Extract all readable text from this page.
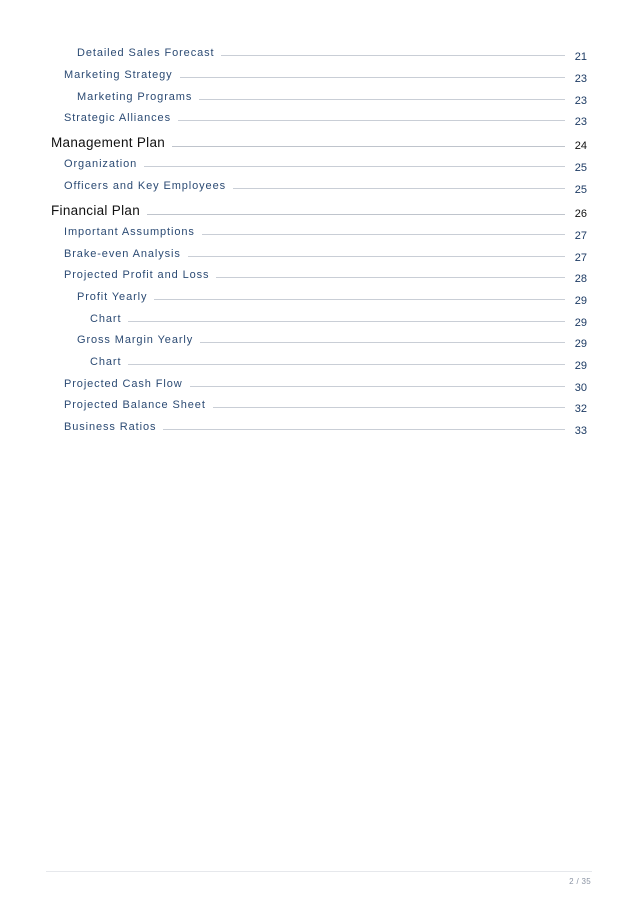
Detailed Sales Forecast	21
Marketing Strategy	23
Marketing Programs	23
Strategic Alliances	23
Management Plan	24
Organization	25
Officers and Key Employees	25
Financial Plan	26
Important Assumptions	27
Brake-even Analysis	27
Projected Profit and Loss	28
Profit Yearly	29
Chart	29
Gross Margin Yearly	29
Chart	29
Projected Cash Flow	30
Projected Balance Sheet	32
Business Ratios	33
2 / 35
